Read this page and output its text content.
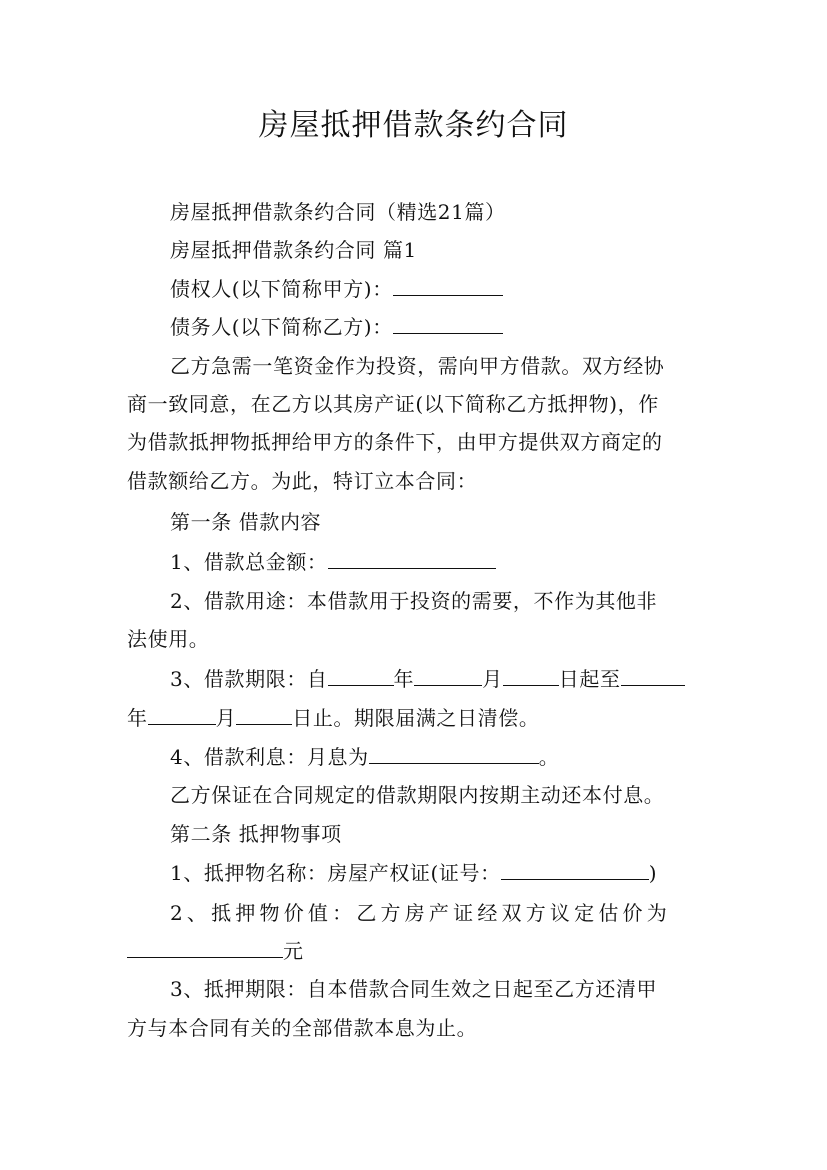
房屋抵押借款条约合同
房屋抵押借款条约合同（精选21篇）
房屋抵押借款条约合同 篇1
债权人(以下简称甲方)：
债务人(以下简称乙方)：
乙方急需一笔资金作为投资，需向甲方借款。双方经协
商一致同意，在乙方以其房产证(以下简称乙方抵押物)，作
为借款抵押物抵押给甲方的条件下，由甲方提供双方商定的
借款额给乙方。为此，特订立本合同：
第一条 借款内容
1、借款总金额：
2、借款用途：本借款用于投资的需要，不作为其他非
法使用。
3、借款期限：自	年	月	日起至
年	月	日止。期限届满之日清偿。
4、借款利息：月息为	。
乙方保证在合同规定的借款期限内按期主动还本付息。
第二条 抵押物事项
1、抵押物名称：房屋产权证(证号：	)
2、抵押物价值：乙方房产证经双方议定估价为
元
3、抵押期限：自本借款合同生效之日起至乙方还清甲
方与本合同有关的全部借款本息为止。
